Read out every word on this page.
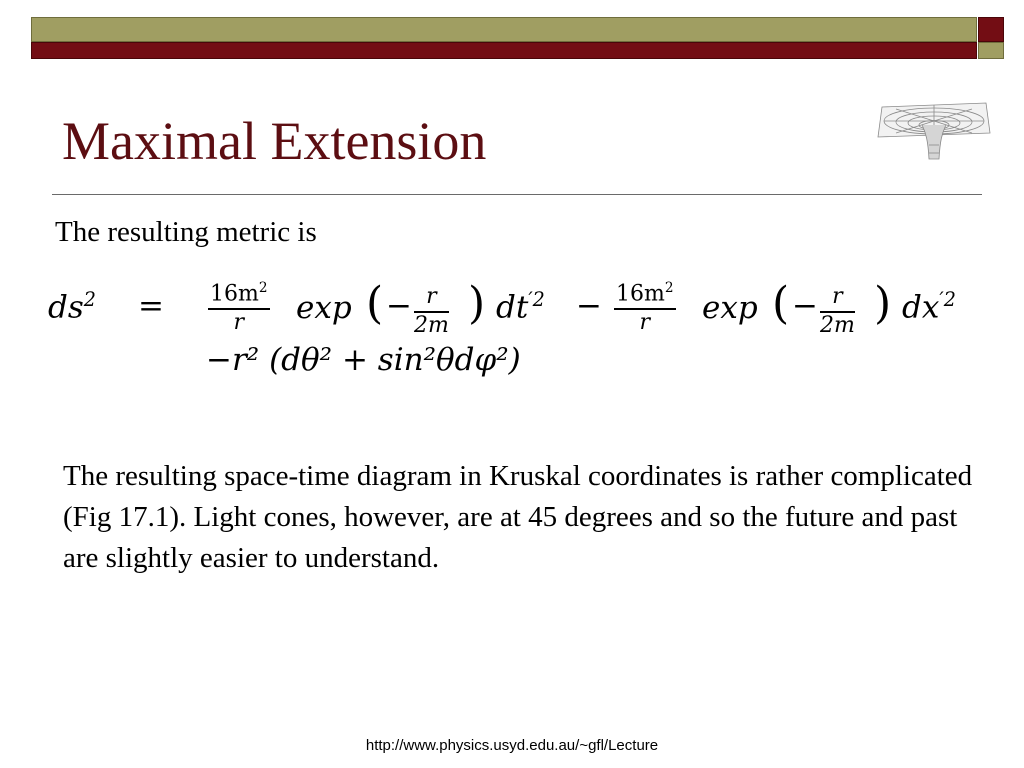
Maximal Extension

The resulting metric is

$ds^2 = 16m^2$
r exp ( − r
2m ) $dt^{'2} - 16m^2$
r exp ( − r
2m ) $dx^{'2}$
−r² (dθ² + sin²θdφ²)

The resulting space-time diagram in Kruskal coordinates is rather complicated (Fig 17.1). Light cones, however, are at 45 degrees and so the future and past are slightly easier to understand.

http://www.physics.usyd.edu.au/~gfl/Lecture
